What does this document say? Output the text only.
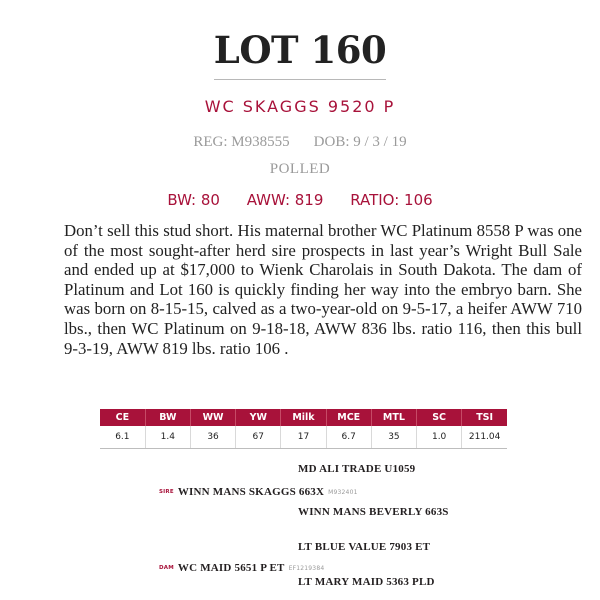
LOT 160
WC SKAGGS 9520 P
REG: M938555 DOB: 9 / 3 / 19
POLLED
BW: 80 AWW: 819 RATIO: 106
Don’t sell this stud short. His maternal brother WC Platinum 8558 P was one of the most sought-after herd sire prospects in last year’s Wright Bull Sale and ended up at $17,000 to Wienk Charolais in South Dakota. The dam of Platinum and Lot 160 is quickly finding her way into the embryo barn. She was born on 8-15-15, calved as a two-year-old on 9-5-17, a heifer AWW 710 lbs., then WC Platinum on 9-18-18, AWW 836 lbs. ratio 116, then this bull 9-3-19, AWW 819 lbs. ratio 106 .
CE	BW	WW	YW	Milk	MCE	MTL	SC	TSI
6.1	1.4	36	67	17	6.7	35	1.0	211.04
MD ALI TRADE U1059
SIRE WINN MANS SKAGGS 663X M932401
WINN MANS BEVERLY 663S
LT BLUE VALUE 7903 ET
DAM WC MAID 5651 P ET EF1219384
LT MARY MAID 5363 PLD
